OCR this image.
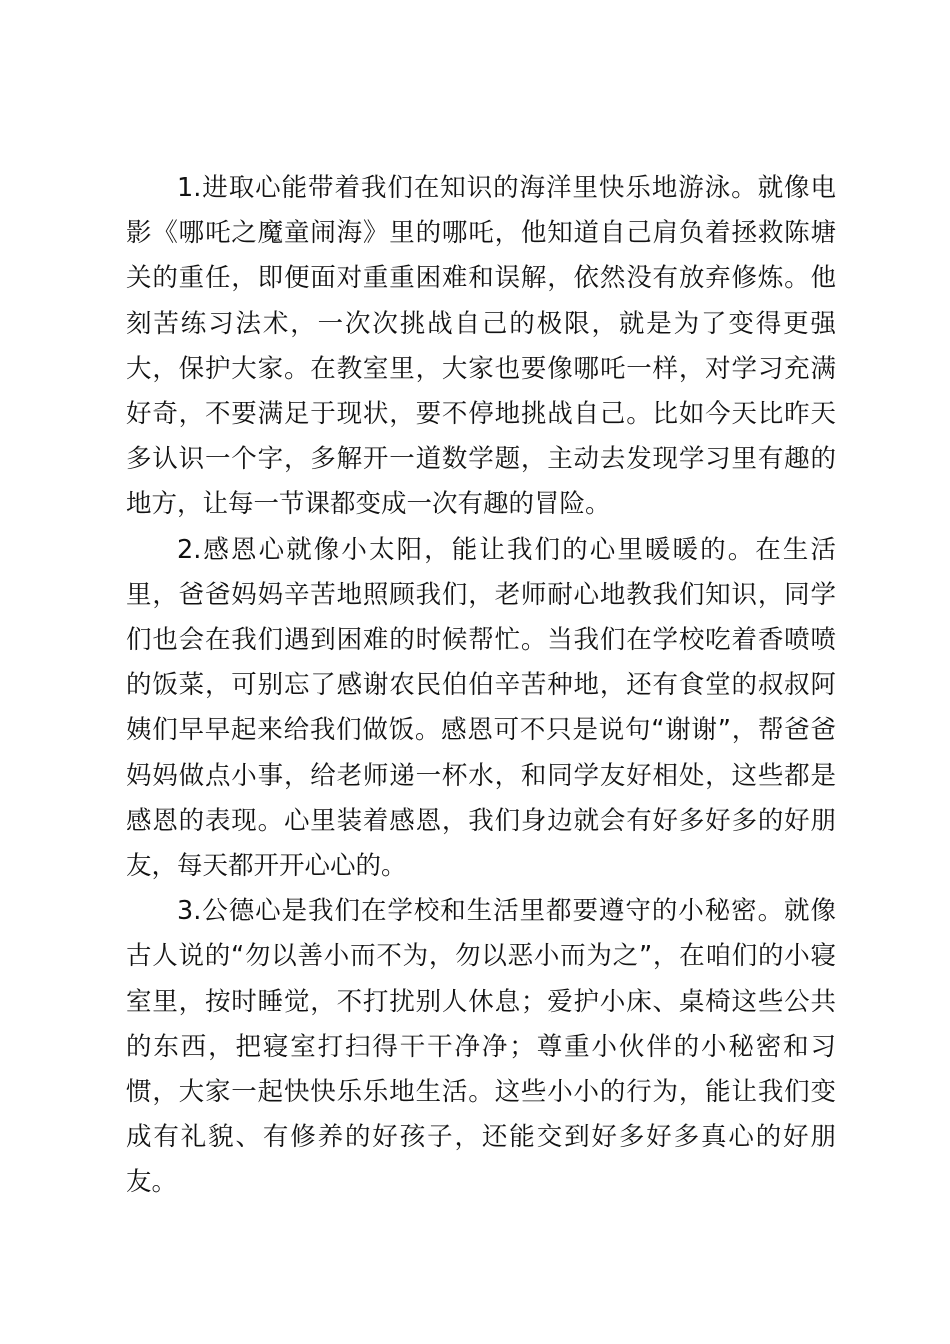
1.进取心能带着我们在知识的海洋里快乐地游泳。就像电影《哪吒之魔童闹海》里的哪吒，他知道自己肩负着拯救陈塘关的重任，即便面对重重困难和误解，依然没有放弃修炼。他刻苦练习法术，一次次挑战自己的极限，就是为了变得更强大，保护大家。在教室里，大家也要像哪吒一样，对学习充满好奇，不要满足于现状，要不停地挑战自己。比如今天比昨天多认识一个字，多解开一道数学题，主动去发现学习里有趣的地方，让每一节课都变成一次有趣的冒险。

2.感恩心就像小太阳，能让我们的心里暖暖的。在生活里，爸爸妈妈辛苦地照顾我们，老师耐心地教我们知识，同学们也会在我们遇到困难的时候帮忙。当我们在学校吃着香喷喷的饭菜，可别忘了感谢农民伯伯辛苦种地，还有食堂的叔叔阿姨们早早起来给我们做饭。感恩可不只是说句“谢谢”，帮爸爸妈妈做点小事，给老师递一杯水，和同学友好相处，这些都是感恩的表现。心里装着感恩，我们身边就会有好多好多的好朋友，每天都开开心心的。

3.公德心是我们在学校和生活里都要遵守的小秘密。就像古人说的“勿以善小而不为，勿以恶小而为之”，在咱们的小寝室里，按时睡觉，不打扰别人休息；爱护小床、桌椅这些公共的东西，把寝室打扫得干干净净；尊重小伙伴的小秘密和习惯，大家一起快快乐乐地生活。这些小小的行为，能让我们变成有礼貌、有修养的好孩子，还能交到好多好多真心的好朋友。
